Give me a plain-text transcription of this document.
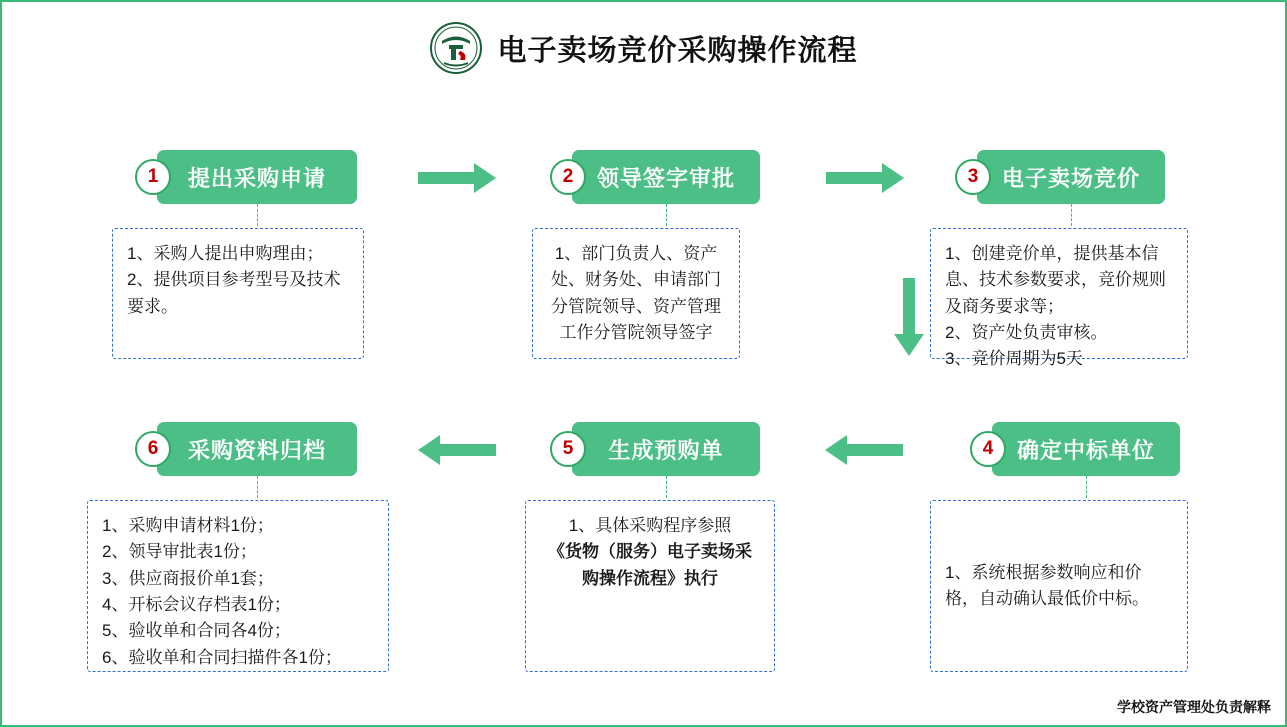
电子卖场竞价采购操作流程
1	提出采购申请

1、采购人提出申购理由；

2、提供项目参考型号及技术要求。

2	领导签字审批

1、部门负责人、资产处、财务处、申请部门分管院领导、资产管理工作分管院领导签字

3	电子卖场竞价

1、创建竞价单，提供基本信息、技术参数要求，竞价规则及商务要求等；

2、资产处负责审核。

3、竞价周期为5天

6	采购资料归档

1、采购申请材料1份；

2、领导审批表1份；

3、供应商报价单1套；

4、开标会议存档表1份；

5、验收单和合同各4份；

6、验收单和合同扫描件各1份；

5	生成预购单

1、具体采购程序参照

《货物（服务）电子卖场采购操作流程》执行

4	确定中标单位

1、系统根据参数响应和价格，自动确认最低价中标。

学校资产管理处负责解释
